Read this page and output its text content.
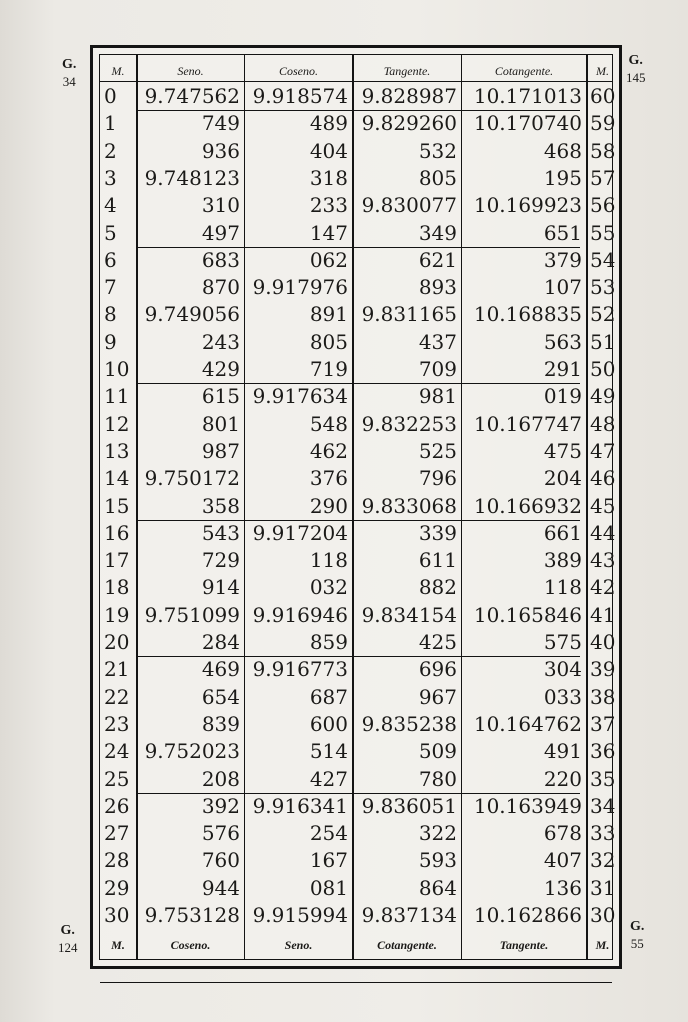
G.
34
G.
145
G.
124
G.
55
M.	Seno.	Coseno.	Tangente.	Cotangente.	M.
0	9.747562 9.918574 9.828987 10.171013 60
1	749	489 9.829260 10.170740 59
2	936	404	532	468 58
3	9.748123	318	805	195 57
4	310	233 9.830077 10.169923 56
5	497	147	349	651 55
6	683	062	621	379 54
7	870 9.917976	893	107 53
8	9.749056	891 9.831165 10.168835 52
9	243	805	437	563 51
10	429	719	709	291 50
11	615 9.917634	981	019 49
12	801	548 9.832253 10.167747 48
13	987	462	525	475 47
14 9.750172	376	796	204 46
15	358	290 9.833068 10.166932 45
16	543 9.917204	339	661 44
17	729	118	611	389 43
18	914	032	882	118 42
19 9.751099 9.916946 9.834154 10.165846 41
20	284	859	425	575 40
21	469 9.916773	696	304 39
22	654	687	967	033 38
23	839	600 9.835238 10.164762 37
24 9.752023	514	509	491 36
25	208	427	780	220 35
26	392 9.916341 9.836051 10.163949 34
27	576	254	322	678 33
28	760	167	593	407 32
29	944	081	864	136 31
30 9.753128 9.915994 9.837134 10.162866 30
M.	Coseno.	Seno.	Cotangente.	Tangente.	M.
